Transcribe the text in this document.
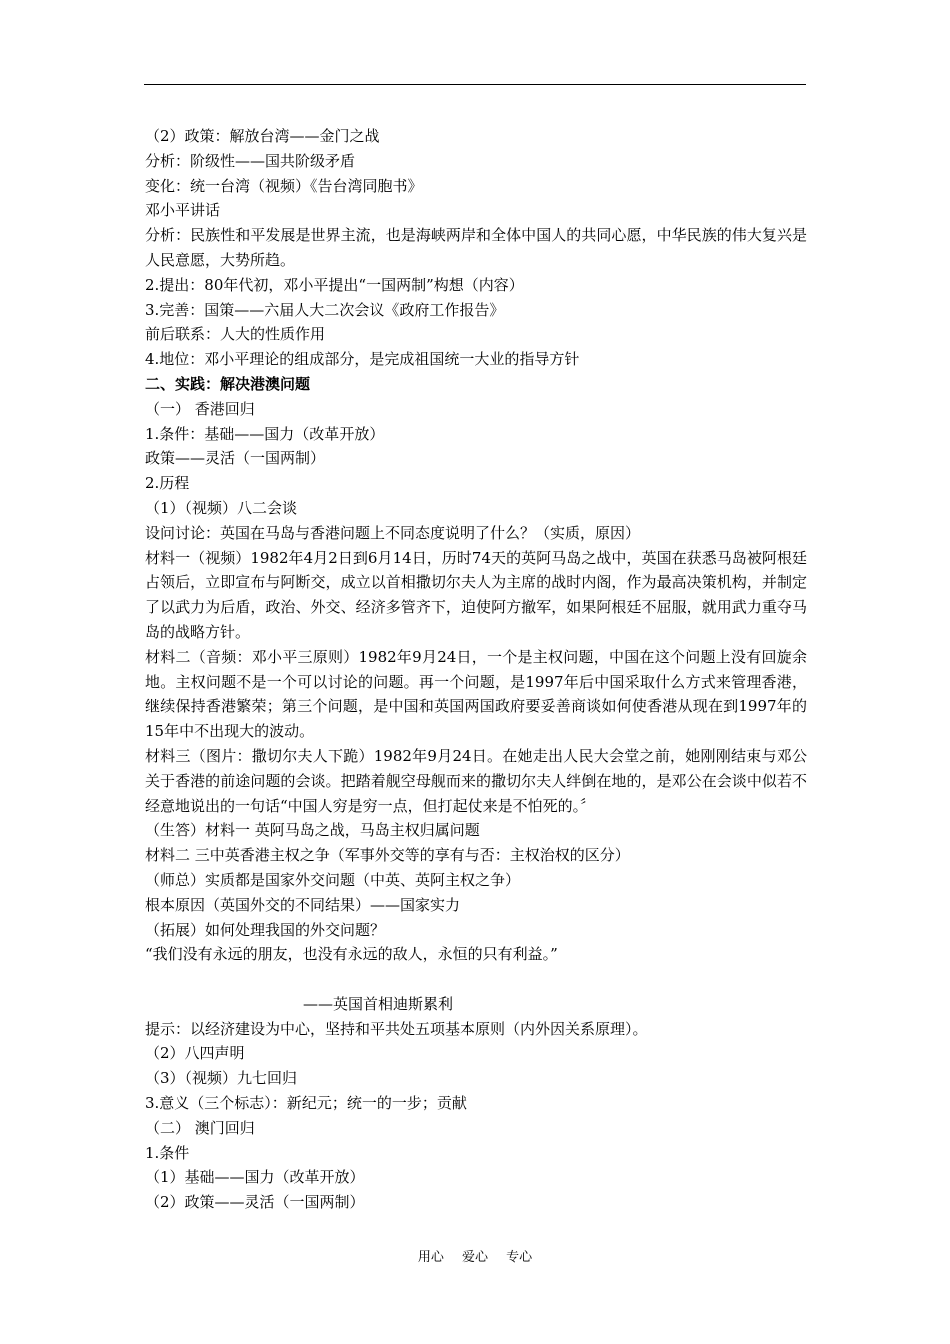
（2）政策：解放台湾——金门之战
分析：阶级性——国共阶级矛盾
变化：统一台湾（视频）《告台湾同胞书》
邓小平讲话
分析：民族性和平发展是世界主流，也是海峡两岸和全体中国人的共同心愿，中华民族的伟大复兴是人民意愿，大势所趋。
2.提出：80年代初，邓小平提出“一国两制”构想（内容）
3.完善：国策——六届人大二次会议《政府工作报告》
前后联系：人大的性质作用
4.地位：邓小平理论的组成部分，是完成祖国统一大业的指导方针
二、实践：解决港澳问题
（一） 香港回归
1.条件：基础——国力（改革开放）
政策——灵活（一国两制）
2.历程
（1）（视频）八二会谈
设问讨论：英国在马岛与香港问题上不同态度说明了什么？（实质，原因）
材料一（视频）1982年4月2日到6月14日，历时74天的英阿马岛之战中，英国在获悉马岛被阿根廷占领后，立即宣布与阿断交，成立以首相撒切尔夫人为主席的战时内阁，作为最高决策机构，并制定了以武力为后盾，政治、外交、经济多管齐下，迫使阿方撤军，如果阿根廷不屈服，就用武力重夺马岛的战略方针。
材料二（音频：邓小平三原则）1982年9月24日，一个是主权问题，中国在这个问题上没有回旋余地。主权问题不是一个可以讨论的问题。再一个问题，是1997年后中国采取什么方式来管理香港，继续保持香港繁荣；第三个问题，是中国和英国两国政府要妥善商谈如何使香港从现在到1997年的15年中不出现大的波动。
材料三（图片：撒切尔夫人下跪）1982年9月24日。在她走出人民大会堂之前，她刚刚结束与邓公关于香港的前途问题的会谈。把踏着舰空母舰而来的撒切尔夫人绊倒在地的，是邓公在会谈中似若不经意地说出的一句话“中国人穷是穷一点，但打起仗来是不怕死的。〞
（生答）材料一 英阿马岛之战，马岛主权归属问题
材料二 三中英香港主权之争（军事外交等的享有与否：主权治权的区分）
（师总）实质都是国家外交问题（中英、英阿主权之争）
根本原因（英国外交的不同结果）——国家实力
（拓展）如何处理我国的外交问题？
“我们没有永远的朋友，也没有永远的敌人，永恒的只有利益。”
——英国首相迪斯累利
提示：以经济建设为中心，坚持和平共处五项基本原则（内外因关系原理）。
（2）八四声明
（3）（视频）九七回归
3.意义（三个标志）：新纪元；统一的一步；贡献
（二） 澳门回归
1.条件
（1）基础——国力（改革开放）
（2）政策——灵活（一国两制）
用心 爱心 专心
